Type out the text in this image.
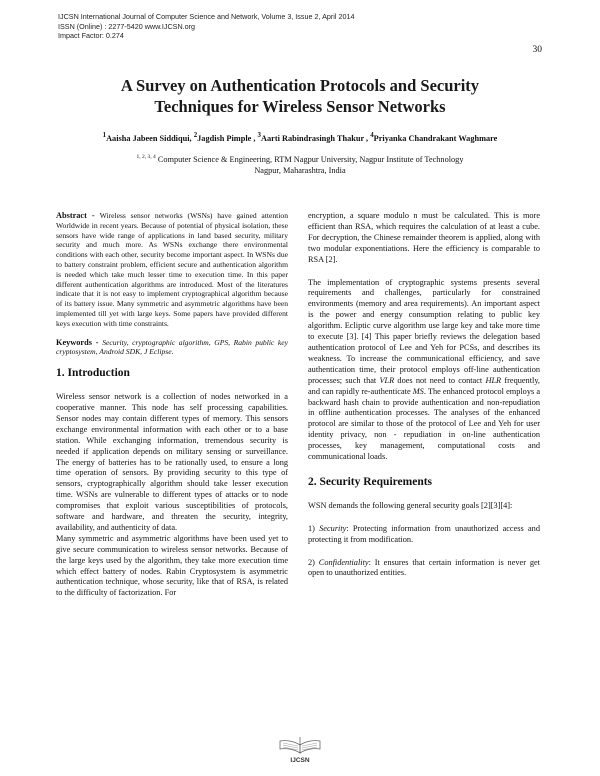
IJCSN International Journal of Computer Science and Network, Volume 3, Issue 2, April 2014
ISSN (Online) : 2277-5420 www.IJCSN.org
Impact Factor: 0.274
30
A Survey on Authentication Protocols and Security
Techniques for Wireless Sensor Networks
$^1$Aaisha Jabeen Siddiqui, $^2$Jagdish Pimple , $^3$Aarti Rabindrasingh Thakur , $^4$Priyanka Chandrakant Waghmare
$^{1, 2, 3, 4}$ Computer Science & Engineering, RTM Nagpur University, Nagpur Institute of Technology
Nagpur, Maharashtra, India

Abstract - Wireless sensor networks (WSNs) have gained attention Worldwide in recent years. Because of potential of physical isolation, these sensors have wide range of applications in land based security, military security and much more. As WSNs exchange there environmental conditions with each other, security become important aspect. In WSNs due to battery constraint problem, efficient secure and authentication algorithm is needed which take much lesser time to execution time. In this paper different authentication algorithms are introduced. Most of the literatures indicate that it is not easy to implement cryptographical algorithm because of its battery issue. Many symmetric and asymmetric algorithms have been implemented till yet with large keys. Some papers have provided different keys execution with time constraints.

Keywords - Security, cryptographic algorithm, GPS, Rabin public key cryptosystem, Android SDK, J Eclipse.

1. Introduction

Wireless sensor network is a collection of nodes networked in a cooperative manner. This node has self processing capabilities. Sensor nodes may contain different types of memory. This sensors exchange environmental information with each other or to a base station. While exchanging information, tremendous security is needed if application depends on military sensing or surveillance. The energy of batteries has to be rationally used, to ensure a long time operation of sensors. By providing security to this type of sensors, cryptographically algorithm should take lesser execution time. WSNs are vulnerable to different types of attacks or to node compromises that exploit various susceptibilities of protocols, software and hardware, and threaten the security, integrity, availability, and authenticity of data.

Many symmetric and asymmetric algorithms have been used yet to give secure communication to wireless sensor networks. Because of the large keys used by the algorithm, they take more execution time which effect battery of nodes. Rabin Cryptosystem is asymmetric authentication technique, whose security, like that of RSA, is related to the difficulty of factorization. For

encryption, a square modulo n must be calculated. This is more efficient than RSA, which requires the calculation of at least a cube. For decryption, the Chinese remainder theorem is applied, along with two modular exponentiations. Here the efficiency is comparable to RSA [2].

The implementation of cryptographic systems presents several requirements and challenges, particularly for constrained environments (memory and area requirements). An important aspect is the power and energy consumption relating to public key algorithm. Ecliptic curve algorithm use large key and take more time to execute [3]. [4] This paper briefly reviews the delegation based authentication protocol of Lee and Yeh for PCSs, and describes its weakness. To increase the communicational efficiency, and save authentication time, their protocol employs off-line authentication processes; such that VLR does not need to contact HLR frequently, and can rapidly re-authenticate MS. The enhanced protocol employs a backward hash chain to provide authentication and non-repudiation in offline authentication processes. The analyses of the enhanced protocol are similar to those of the protocol of Lee and Yeh for user identity privacy, non - repudiation in on-line authentication processes, key management, computational costs and communicational loads.

2. Security Requirements

WSN demands the following general security goals [2][3][4]:

1) Security: Protecting information from unauthorized access and protecting it from modification.

2) Confidentiality: It ensures that certain information is never get open to unauthorized entities.

IJCSN
